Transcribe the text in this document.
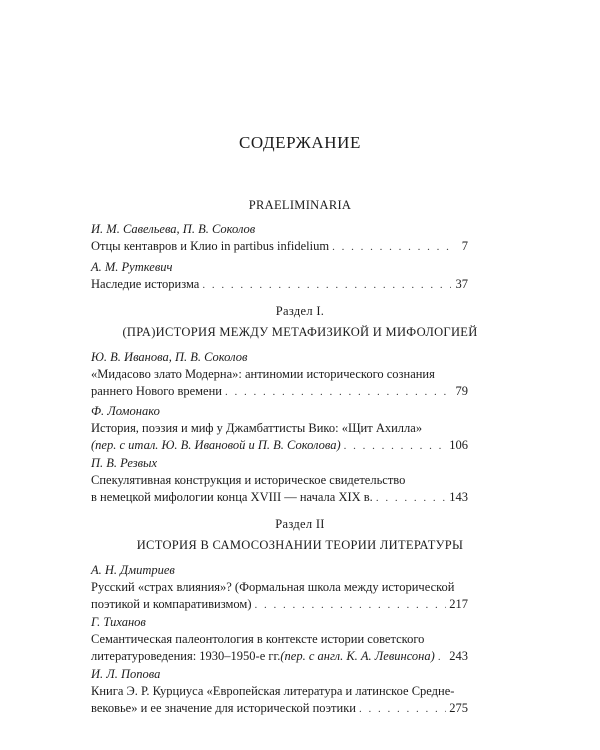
СОДЕРЖАНИЕ
PRAELIMINARIA
И. М. Савельева, П. В. Соколов
Отцы кентавров и Клио in partibus infidelium . . .	7
А. М. Руткевич
Наследие историзма . . .	37
Раздел I.
(ПРА)ИСТОРИЯ МЕЖДУ МЕТАФИЗИКОЙ И МИФОЛОГИЕЙ
Ю. В. Иванова, П. В. Соколов
«Мидасово злато Модерна»: антиномии исторического сознания
раннего Нового времени . . .	79
Ф. Ломонако
История, поэзия и миф у Джамбаттисты Вико: «Щит Ахилла»
(пер. с итал. Ю. В. Ивановой и П. В. Соколова) . . .	106
П. В. Резвых
Спекулятивная конструкция и историческое свидетельство
в немецкой мифологии конца XVIII — начала XIX в. . . .	143
Раздел II
ИСТОРИЯ В САМОСОЗНАНИИ ТЕОРИИ ЛИТЕРАТУРЫ
А. Н. Дмитриев
Русский «страх влияния»? (Формальная школа между исторической
поэтикой и компаративизмом) . . .	217
Г. Тиханов
Семантическая палеонтология в контексте истории советского
литературоведения: 1930–1950-е гг. (пер. с англ. К. А. Левинсона) . . . 243
И. Л. Попова
Книга Э. Р. Курциуса «Европейская литература и латинское Средне-
вековье» и ее значение для исторической поэтики . . .	275
